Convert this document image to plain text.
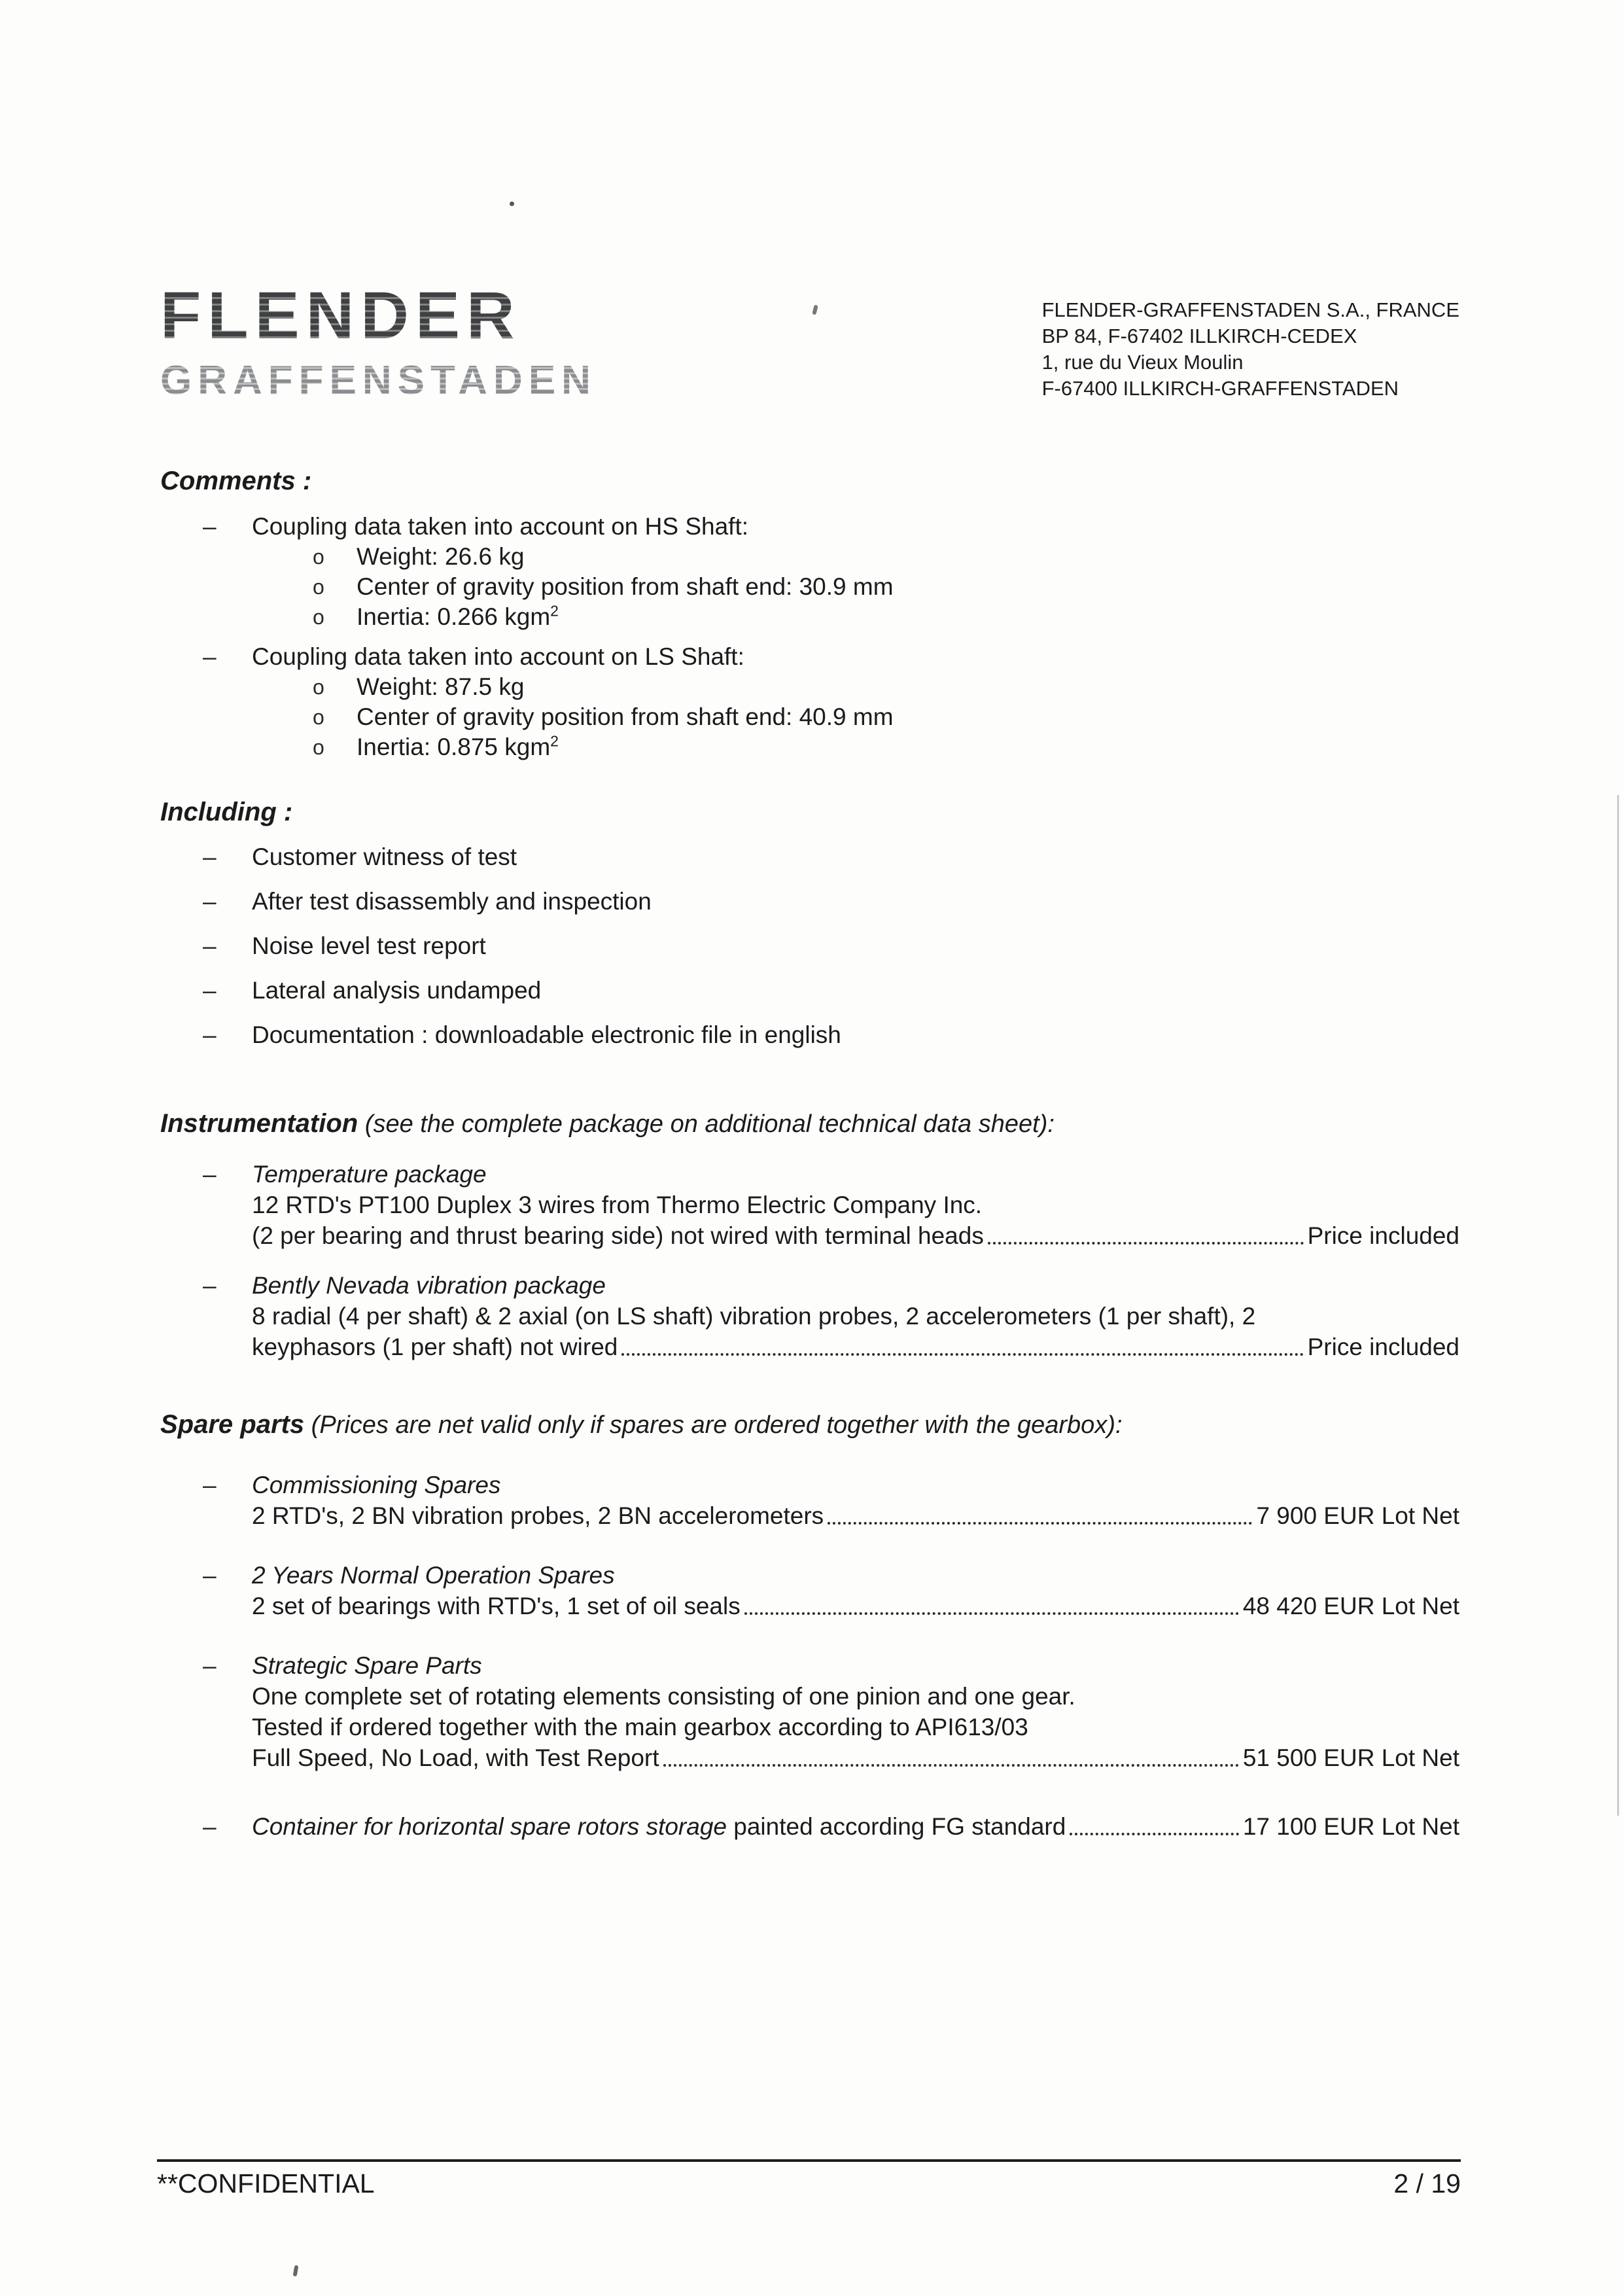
FLENDER
GRAFFENSTADEN
FLENDER-GRAFFENSTADEN S.A., FRANCE
BP 84, F-67402 ILLKIRCH-CEDEX
1, rue du Vieux Moulin
F-67400 ILLKIRCH-GRAFFENSTADEN
Comments :
–	Coupling data taken into account on HS Shaft:
o	Weight: 26.6 kg
o	Center of gravity position from shaft end: 30.9 mm
o	Inertia: 0.266 kgm$^2$
–	Coupling data taken into account on LS Shaft:
o	Weight: 87.5 kg
o	Center of gravity position from shaft end: 40.9 mm
o	Inertia: 0.875 kgm$^2$
Including :
–	Customer witness of test
–	After test disassembly and inspection
–	Noise level test report
–	Lateral analysis undamped
–	Documentation : downloadable electronic file in english
Instrumentation (see the complete package on additional technical data sheet):
–	Temperature package
12 RTD's PT100 Duplex 3 wires from Thermo Electric Company Inc.
(2 per bearing and thrust bearing side) not wired with terminal heads	Price included
–	Bently Nevada vibration package
8 radial (4 per shaft) & 2 axial (on LS shaft) vibration probes, 2 accelerometers (1 per shaft), 2
keyphasors (1 per shaft) not wired	Price included
Spare parts (Prices are net valid only if spares are ordered together with the gearbox):
–	Commissioning Spares
2 RTD's, 2 BN vibration probes, 2 BN accelerometers	7 900 EUR Lot Net
–	2 Years Normal Operation Spares
2 set of bearings with RTD's, 1 set of oil seals	48 420 EUR Lot Net
–	Strategic Spare Parts
One complete set of rotating elements consisting of one pinion and one gear.
Tested if ordered together with the main gearbox according to API613/03
Full Speed, No Load, with Test Report	51 500 EUR Lot Net
–	Container for horizontal spare rotors storage painted according FG standard	17 100 EUR Lot Net
**CONFIDENTIAL	2 / 19
